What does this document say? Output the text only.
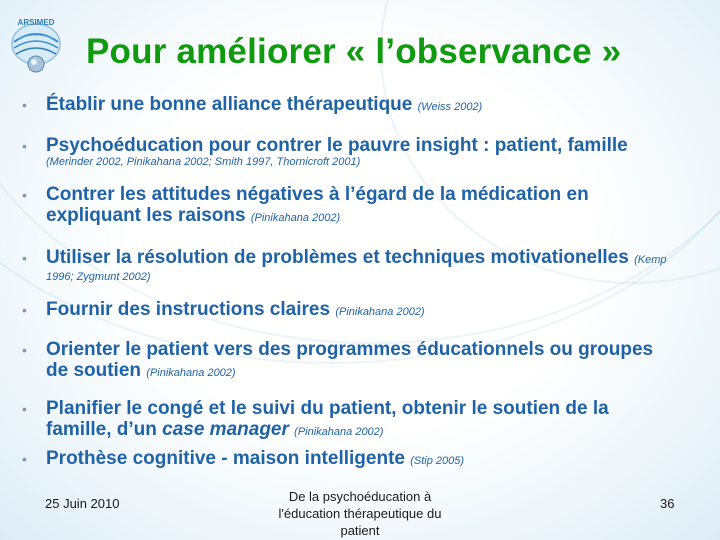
ARSIMED
Pour améliorer « l’observance »
• Établir une bonne alliance thérapeutique (Weiss 2002)
• Psychoéducation pour contrer le pauvre insight : patient, famille
(Merinder 2002, Pinikahana 2002; Smith 1997, Thornicroft 2001)
• Contrer les attitudes négatives à l’égard de la médication en
expliquant les raisons (Pinikahana 2002)
• Utiliser la résolution de problèmes et techniques motivationelles (Kemp
1996; Zygmunt 2002)
• Fournir des instructions claires (Pinikahana 2002)
• Orienter le patient vers des programmes éducationnels ou groupes
de soutien (Pinikahana 2002)
• Planifier le congé et le suivi du patient, obtenir le soutien de la
famille, d’un case manager (Pinikahana 2002)
• Prothèse cognitive - maison intelligente (Stip 2005)
25 Juin 2010	De la psychoéducation à l'éducation thérapeutique du patient
36
